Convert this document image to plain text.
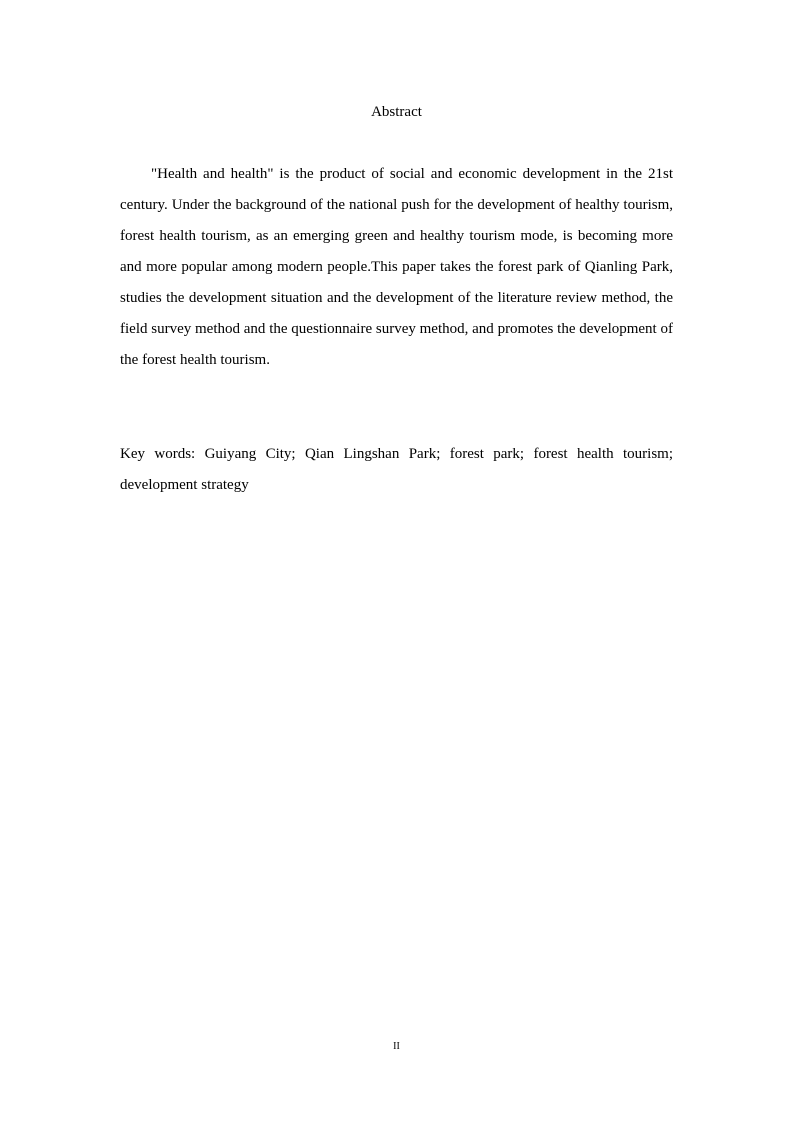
Abstract

"Health and health" is the product of social and economic development in the 21st century. Under the background of the national push for the development of healthy tourism, forest health tourism, as an emerging green and healthy tourism mode, is becoming more and more popular among modern people.This paper takes the forest park of Qianling Park, studies the development situation and the development of the literature review method, the field survey method and the questionnaire survey method, and promotes the development of the forest health tourism.

Key words: Guiyang City; Qian Lingshan Park; forest park; forest health tourism; development strategy

II
